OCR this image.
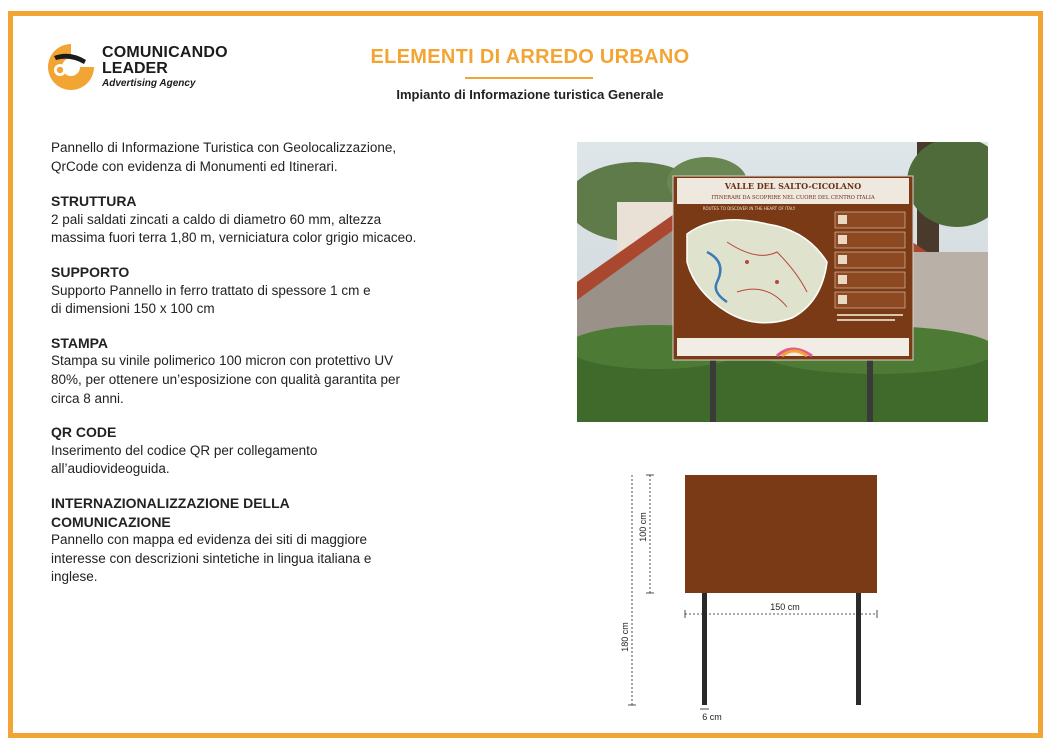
COMUNICANDO
LEADER
Advertising Agency
ELEMENTI DI ARREDO URBANO
Impianto di Informazione turistica Generale

Pannello di Informazione Turistica con Geolocalizzazione, QrCode con evidenza di Monumenti ed Itinerari.

STRUTTURA
2 pali saldati zincati a caldo di diametro 60 mm, altezza massima fuori terra 1,80 m, verniciatura color grigio micaceo.
SUPPORTO
Supporto Pannello in ferro trattato di spessore 1 cm e di dimensioni 150 x 100 cm
STAMPA
Stampa su vinile polimerico 100 micron con protettivo UV 80%, per ottenere un’esposizione con qualità garantita per circa 8 anni.
QR CODE
Inserimento del codice QR per collegamento all’audiovideoguida.
INTERNAZIONALIZZAZIONE DELLA COMUNICAZIONE
Pannello con mappa ed evidenza dei siti di maggiore interesse con descrizioni sintetiche in lingua italiana e inglese.
VALLE DEL SALTO-CICOLANO
ITINERARI DA SCOPRIRE NEL CUORE DEL CENTRO ITALIA
ROUTES TO DISCOVER IN THE HEART OF ITALY
100 cm
180 cm
150 cm
6 cm
